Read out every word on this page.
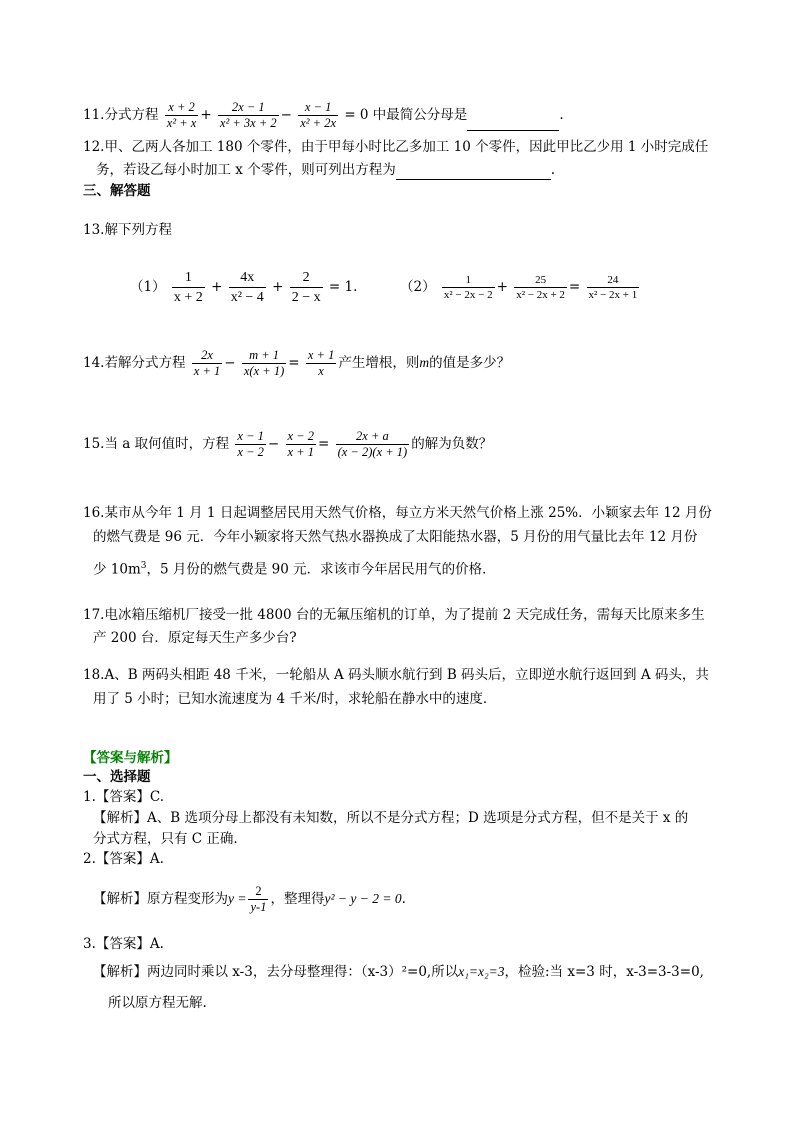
11.分式方程 $\frac{x + 2}{\text{x² + x}} + \frac{2x - 1}{\text{x² + 3x + 2}} - \frac{x - 1}{\text{x² + 2x}} = 0$ 中最简公分母是	.
12.甲、乙两人各加工 180 个零件，由于甲每小时比乙多加工 10 个零件，因此甲比乙少用 1 小时完成任
务，若设乙每小时加工 x 个零件，则可列出方程为	.
三、解答题
13.解下列方程
$(1) \frac{1}{x + 2} + \frac{4x}{\text{x² − 4}} + \frac{2}{2 - x} = 1$.	$(2) \frac{1}{\text{x² − 2x − 2}} + \frac{25}{\text{x² − 2x + 2}} = \frac{24}{\text{x² − 2x + 1}}$
14.若解分式方程 $\frac{2x}{x + 1} - \frac{m + 1}{x(x + 1)} = \frac{x + 1}{x}$ 产生增根，则m的值是多少？
15.当 a 取何值时，方程 $\frac{x - 1}{x - 2} - \frac{x - 2}{x + 1} = \frac{2x + a}{(x - 2)(x + 1)}$ 的解为负数？
16.某市从今年 1 月 1 日起调整居民用天然气价格，每立方米天然气价格上涨 25%．小颖家去年 12 月份
的燃气费是 96 元．今年小颖家将天然气热水器换成了太阳能热水器，5 月份的用气量比去年 12 月份
少 $10m^3$，5 月份的燃气费是 90 元．求该市今年居民用气的价格．
17.电冰箱压缩机厂接受一批 4800 台的无氟压缩机的订单，为了提前 2 天完成任务，需每天比原来多生
产 200 台．原定每天生产多少台?
18.A、B 两码头相距 48 千米，一轮船从 A 码头顺水航行到 B 码头后，立即逆水航行返回到 A 码头，共
用了 5 小时；已知水流速度为 4 千米/时，求轮船在静水中的速度．
【答案与解析】
一、选择题
1.【答案】C.
【解析】A、B 选项分母上都没有未知数，所以不是分式方程；D 选项是分式方程，但不是关于 x 的
分式方程，只有 C 正确.
2.【答案】A.
【解析】原方程变形为$y = \frac{2}{y-1}$ ，整理得y² − y − 2 = 0.
3.【答案】A.
【解析】两边同时乘以 x-3，去分母整理得：（x-3）²=0,所以x₁=x₂=3，检验:当 x=3 时，x-3=3-3=0,
所以原方程无解.
